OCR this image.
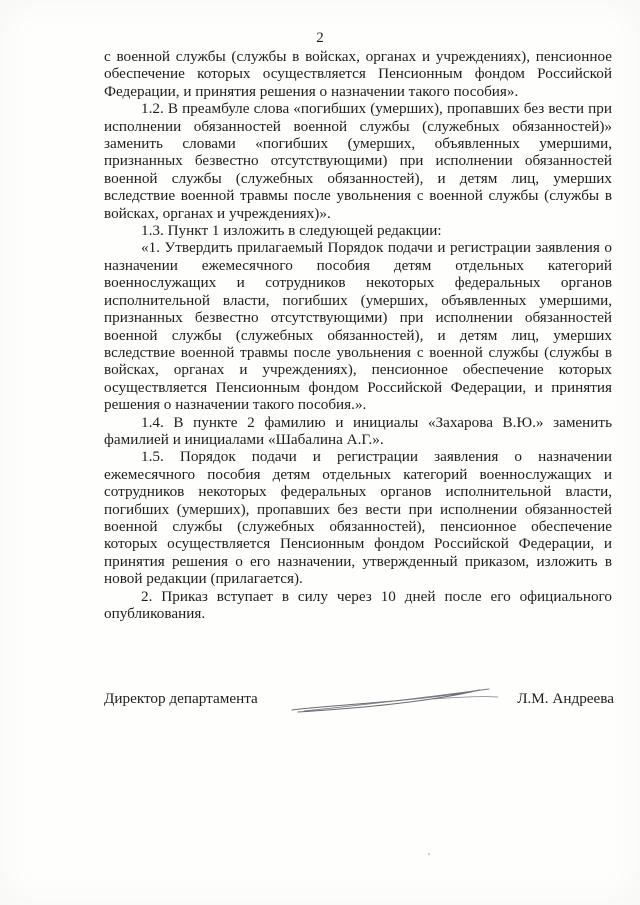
2

с военной службы (службы в войсках, органах и учреждениях), пенсионное обеспечение которых осуществляется Пенсионным фондом Российской Федерации, и принятия решения о назначении такого пособия».

1.2. В преамбуле слова «погибших (умерших), пропавших без вести при исполнении обязанностей военной службы (служебных обязанностей)» заменить словами «погибших (умерших, объявленных умершими, признанных безвестно отсутствующими) при исполнении обязанностей военной службы (служебных обязанностей), и детям лиц, умерших вследствие военной травмы после увольнения с военной службы (службы в войсках, органах и учреждениях)».

1.3. Пункт 1 изложить в следующей редакции:

«1. Утвердить прилагаемый Порядок подачи и регистрации заявления о назначении ежемесячного пособия детям отдельных категорий военнослужащих и сотрудников некоторых федеральных органов исполнительной власти, погибших (умерших, объявленных умершими, признанных безвестно отсутствующими) при исполнении обязанностей военной службы (служебных обязанностей), и детям лиц, умерших вследствие военной травмы после увольнения с военной службы (службы в войсках, органах и учреждениях), пенсионное обеспечение которых осуществляется Пенсионным фондом Российской Федерации, и принятия решения о назначении такого пособия.».

1.4. В пункте 2 фамилию и инициалы «Захарова В.Ю.» заменить фамилией и инициалами «Шабалина А.Г.».

1.5. Порядок подачи и регистрации заявления о назначении ежемесячного пособия детям отдельных категорий военнослужащих и сотрудников некоторых федеральных органов исполнительной власти, погибших (умерших), пропавших без вести при исполнении обязанностей военной службы (служебных обязанностей), пенсионное обеспечение которых осуществляется Пенсионным фондом Российской Федерации, и принятия решения о его назначении, утвержденный приказом, изложить в новой редакции (прилагается).

2. Приказ вступает в силу через 10 дней после его официального опубликования.

Директор департамента	Л.М. Андреева
